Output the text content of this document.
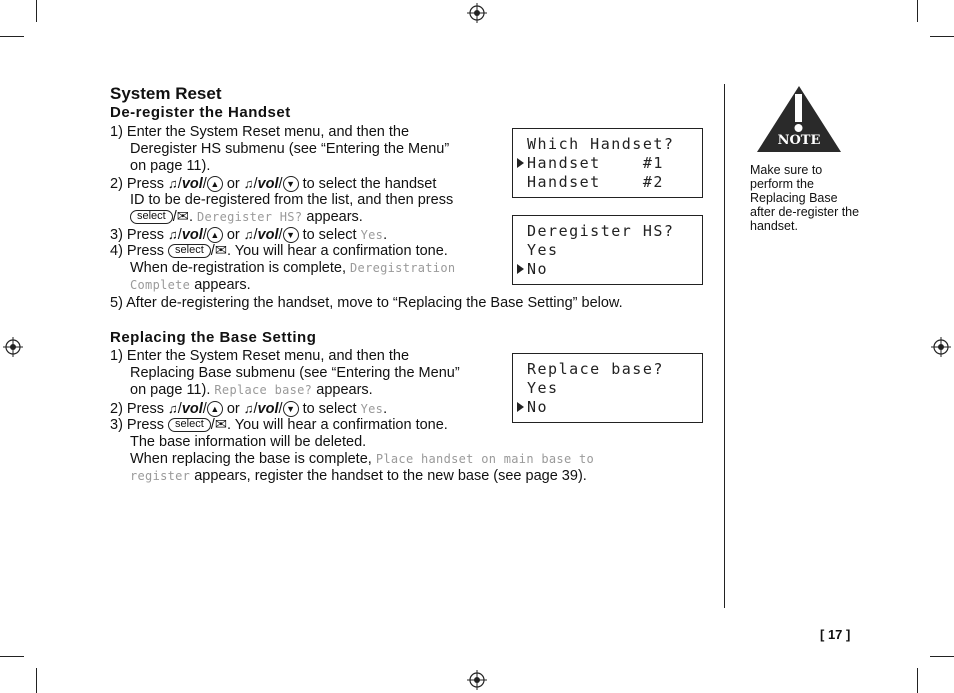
System Reset
De-register the Handset
1) Enter the System Reset menu, and then the
Deregister HS submenu (see “Entering the Menu”
on page 11).
2) Press ♫/vol/ ▲ or ♫/vol/ ▼ to select the handset
ID to be de-registered from the list, and then press
select /✉. Deregister HS? appears.
3) Press ♫/vol/ ▲ or ♫/vol/ ▼ to select Yes.
4) Press select /✉. You will hear a confirmation tone.
When de-registration is complete, Deregistration
Complete appears.
5) After de-registering the handset, move to “Replacing the Base Setting” below.
Replacing the Base Setting
1) Enter the System Reset menu, and then the
Replacing Base submenu (see “Entering the Menu”
on page 11). Replace base? appears.
2) Press ♫/vol/ ▲ or ♫/vol/ ▼ to select Yes.
3) Press select /✉. You will hear a confirmation tone.
The base information will be deleted.
When replacing the base is complete, Place handset on main base to
register appears, register the handset to the new base (see page 39).
Which Handset?
Handset    #1
Handset    #2
Deregister HS?
Yes
No
Replace base?
Yes
No
NOTE
Make sure to perform the Replacing Base after de-register the handset.
[ 17 ]
